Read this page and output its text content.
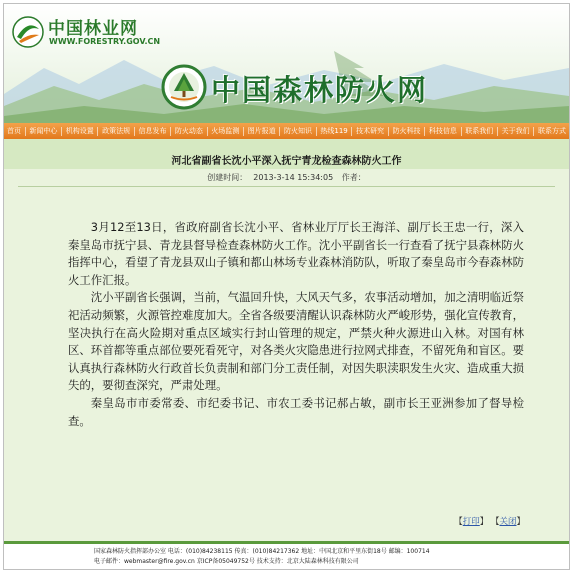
中国林业网
WWW.FORESTRY.GOV.CN
中国森林防火网
首页 新闻中心 机构设置 政策法规 信息发布 防火动态 火场监测 图片报道 防火知识 热线119 技术研究 防火科技 科技信息 联系我们 关于我们 联系方式
河北省副省长沈小平深入抚宁青龙检查森林防火工作
创建时间： 2013-3-14 15:34:05 作者：

3月12至13日，省政府副省长沈小平、省林业厅厅长王海洋、副厅长王忠一行，深入秦皇岛市抚宁县、青龙县督导检查森林防火工作。沈小平副省长一行查看了抚宁县森林防火指挥中心，看望了青龙县双山子镇和都山林场专业森林消防队，听取了秦皇岛市今春森林防火工作汇报。

沈小平副省长强调，当前，气温回升快，大风天气多，农事活动增加，加之清明临近祭祀活动频繁，火源管控难度加大。全省各级要清醒认识森林防火严峻形势，强化宣传教育，坚决执行在高火险期对重点区域实行封山管理的规定，严禁火种火源进山入林。对国有林区、环首都等重点部位要死看死守，对各类火灾隐患进行拉网式排查，不留死角和盲区。要认真执行森林防火行政首长负责制和部门分工责任制，对因失职渎职发生火灾、造成重大损失的，要彻查深究，严肃处理。

秦皇岛市市委常委、市纪委书记、市农工委书记郝占敏，副市长王亚洲参加了督导检查。

【打印】 【关闭】
国家森林防火指挥部办公室 电话：(010)84238115 传真：(010)84217362 地址：中国北京和平里东街18号 邮编：100714
电子邮件：webmaster@fire.gov.cn 京ICP备05049752号 技术支持：北京大陆森林科技有限公司
